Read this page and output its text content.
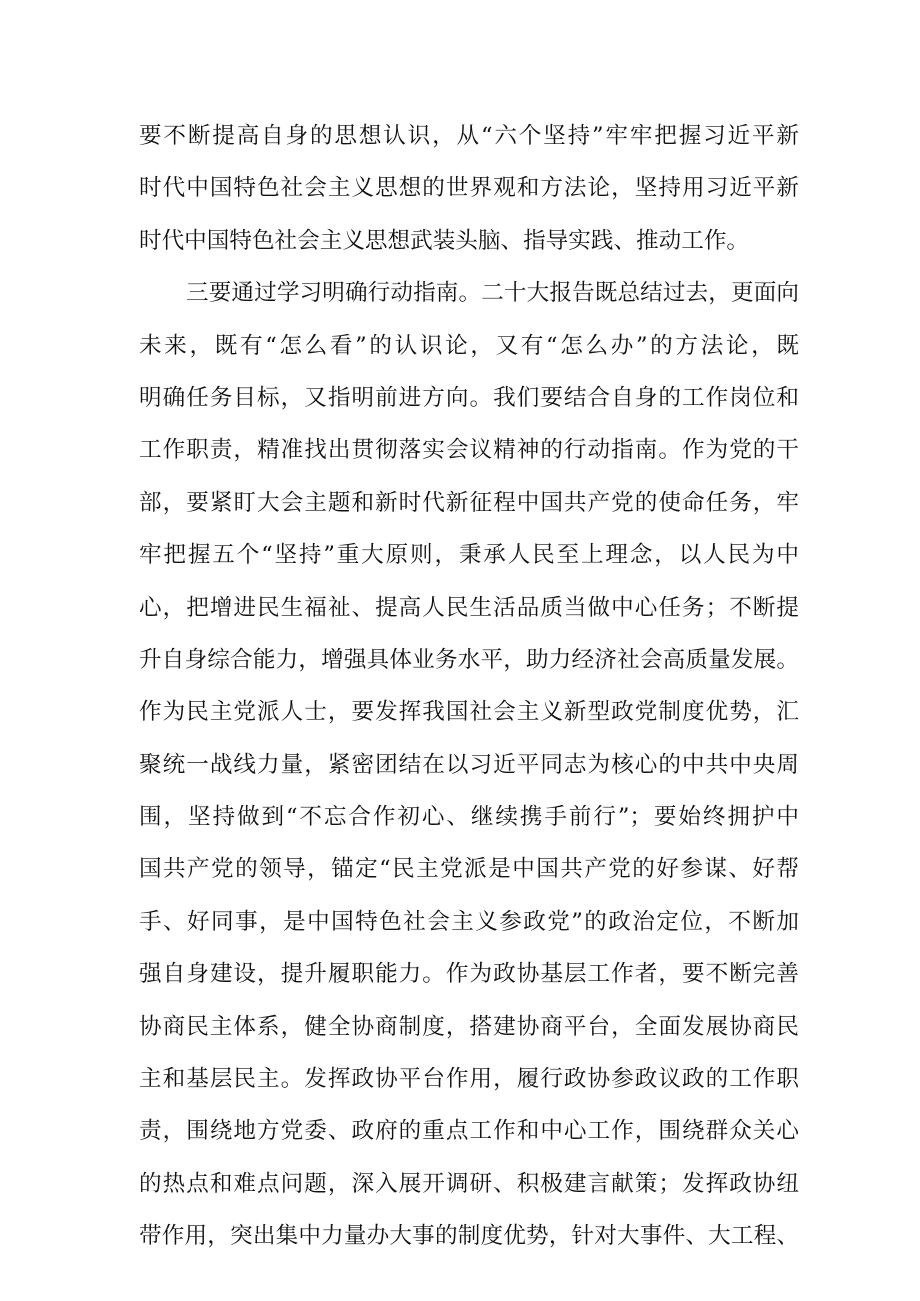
要不断提高自身的思想认识，从“六个坚持”牢牢把握习近平新
时代中国特色社会主义思想的世界观和方法论，坚持用习近平新
时代中国特色社会主义思想武装头脑、指导实践、推动工作。
三要通过学习明确行动指南。二十大报告既总结过去，更面向
未来，既有“怎么看”的认识论，又有“怎么办”的方法论，既
明确任务目标，又指明前进方向。我们要结合自身的工作岗位和
工作职责，精准找出贯彻落实会议精神的行动指南。作为党的干
部，要紧盯大会主题和新时代新征程中国共产党的使命任务，牢
牢把握五个“坚持”重大原则，秉承人民至上理念，以人民为中
心，把增进民生福祉、提高人民生活品质当做中心任务；不断提
升自身综合能力，增强具体业务水平，助力经济社会高质量发展。
作为民主党派人士，要发挥我国社会主义新型政党制度优势，汇
聚统一战线力量，紧密团结在以习近平同志为核心的中共中央周
围，坚持做到“不忘合作初心、继续携手前行”；要始终拥护中
国共产党的领导，锚定“民主党派是中国共产党的好参谋、好帮
手、好同事，是中国特色社会主义参政党”的政治定位，不断加
强自身建设，提升履职能力。作为政协基层工作者，要不断完善
协商民主体系，健全协商制度，搭建协商平台，全面发展协商民
主和基层民主。发挥政协平台作用，履行政协参政议政的工作职
责，围绕地方党委、政府的重点工作和中心工作，围绕群众关心
的热点和难点问题，深入展开调研、积极建言献策；发挥政协纽
带作用，突出集中力量办大事的制度优势，针对大事件、大工程、
